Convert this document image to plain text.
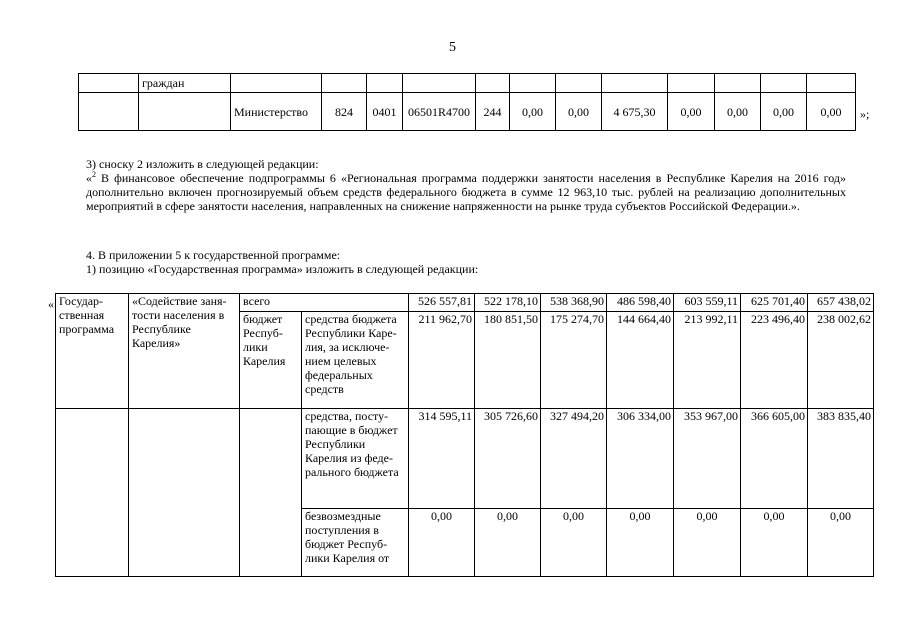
5
	граждан												
		Министерство	824	0401	06501R4700	244	0,00	0,00	4 675,30	0,00	0,00	0,00	0,00 »;
3) сноску 2 изложить в следующей редакции:
«$^2$ В финансовое обеспечение подпрограммы 6 «Региональная программа поддержки занятости населения в Республике Карелия на 2016 год» дополнительно включен прогнозируемый объем средств федерального бюджета в сумме 12 963,10 тыс. рублей на реализацию дополнительных мероприятий в сфере занятости населения, направленных на снижение напряженности на рынке труда субъектов Российской Федерации.».
4. В приложении 5 к государственной программе:
1) позицию «Государственная программа» изложить в следующей редакции:
« Государ-ственная программа	«Содействие заня-тости населения в Республике Карелия»	всего		526 557,81	522 178,10	538 368,90	486 598,40	603 559,11	625 701,40	657 438,02
		бюджет Респуб-лики Карелия	средства бюджета Республики Каре-лия, за исключе-нием целевых федеральных средств	211 962,70	180 851,50	175 274,70	144 664,40	213 992,11	223 496,40	238 002,62
			средства, посту-пающие в бюджет Республики Карелия из феде-рального бюджета	314 595,11	305 726,60	327 494,20	306 334,00	353 967,00	366 605,00	383 835,40
			безвозмездные поступления в бюджет Респуб-лики Карелия от	0,00	0,00	0,00	0,00	0,00	0,00	0,00
